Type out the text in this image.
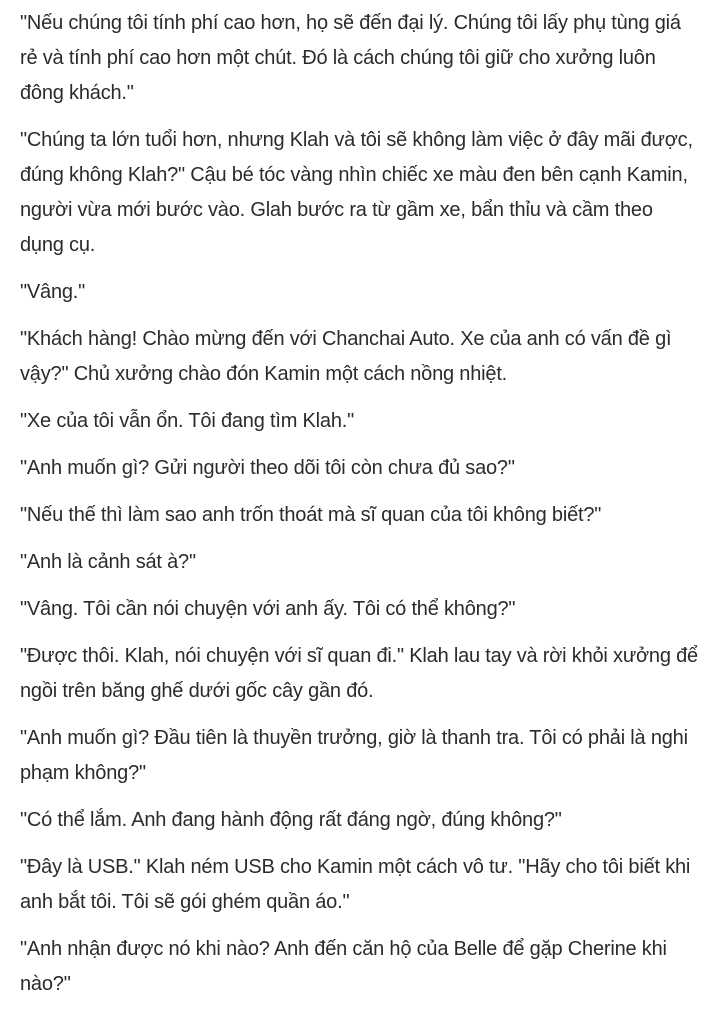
"Nếu chúng tôi tính phí cao hơn, họ sẽ đến đại lý. Chúng tôi lấy phụ tùng giá rẻ và tính phí cao hơn một chút. Đó là cách chúng tôi giữ cho xưởng luôn đông khách."

"Chúng ta lớn tuổi hơn, nhưng Klah và tôi sẽ không làm việc ở đây mãi được, đúng không Klah?" Cậu bé tóc vàng nhìn chiếc xe màu đen bên cạnh Kamin, người vừa mới bước vào. Glah bước ra từ gầm xe, bẩn thỉu và cầm theo dụng cụ.

"Vâng."

"Khách hàng! Chào mừng đến với Chanchai Auto. Xe của anh có vấn đề gì vậy?" Chủ xưởng chào đón Kamin một cách nồng nhiệt.

"Xe của tôi vẫn ổn. Tôi đang tìm Klah."

"Anh muốn gì? Gửi người theo dõi tôi còn chưa đủ sao?"

"Nếu thế thì làm sao anh trốn thoát mà sĩ quan của tôi không biết?"

"Anh là cảnh sát à?"

"Vâng. Tôi cần nói chuyện với anh ấy. Tôi có thể không?"

"Được thôi. Klah, nói chuyện với sĩ quan đi." Klah lau tay và rời khỏi xưởng để ngồi trên băng ghế dưới gốc cây gần đó.

"Anh muốn gì? Đầu tiên là thuyền trưởng, giờ là thanh tra. Tôi có phải là nghi phạm không?"

"Có thể lắm. Anh đang hành động rất đáng ngờ, đúng không?"

"Đây là USB." Klah ném USB cho Kamin một cách vô tư. "Hãy cho tôi biết khi anh bắt tôi. Tôi sẽ gói ghém quần áo."

"Anh nhận được nó khi nào? Anh đến căn hộ của Belle để gặp Cherine khi nào?"
